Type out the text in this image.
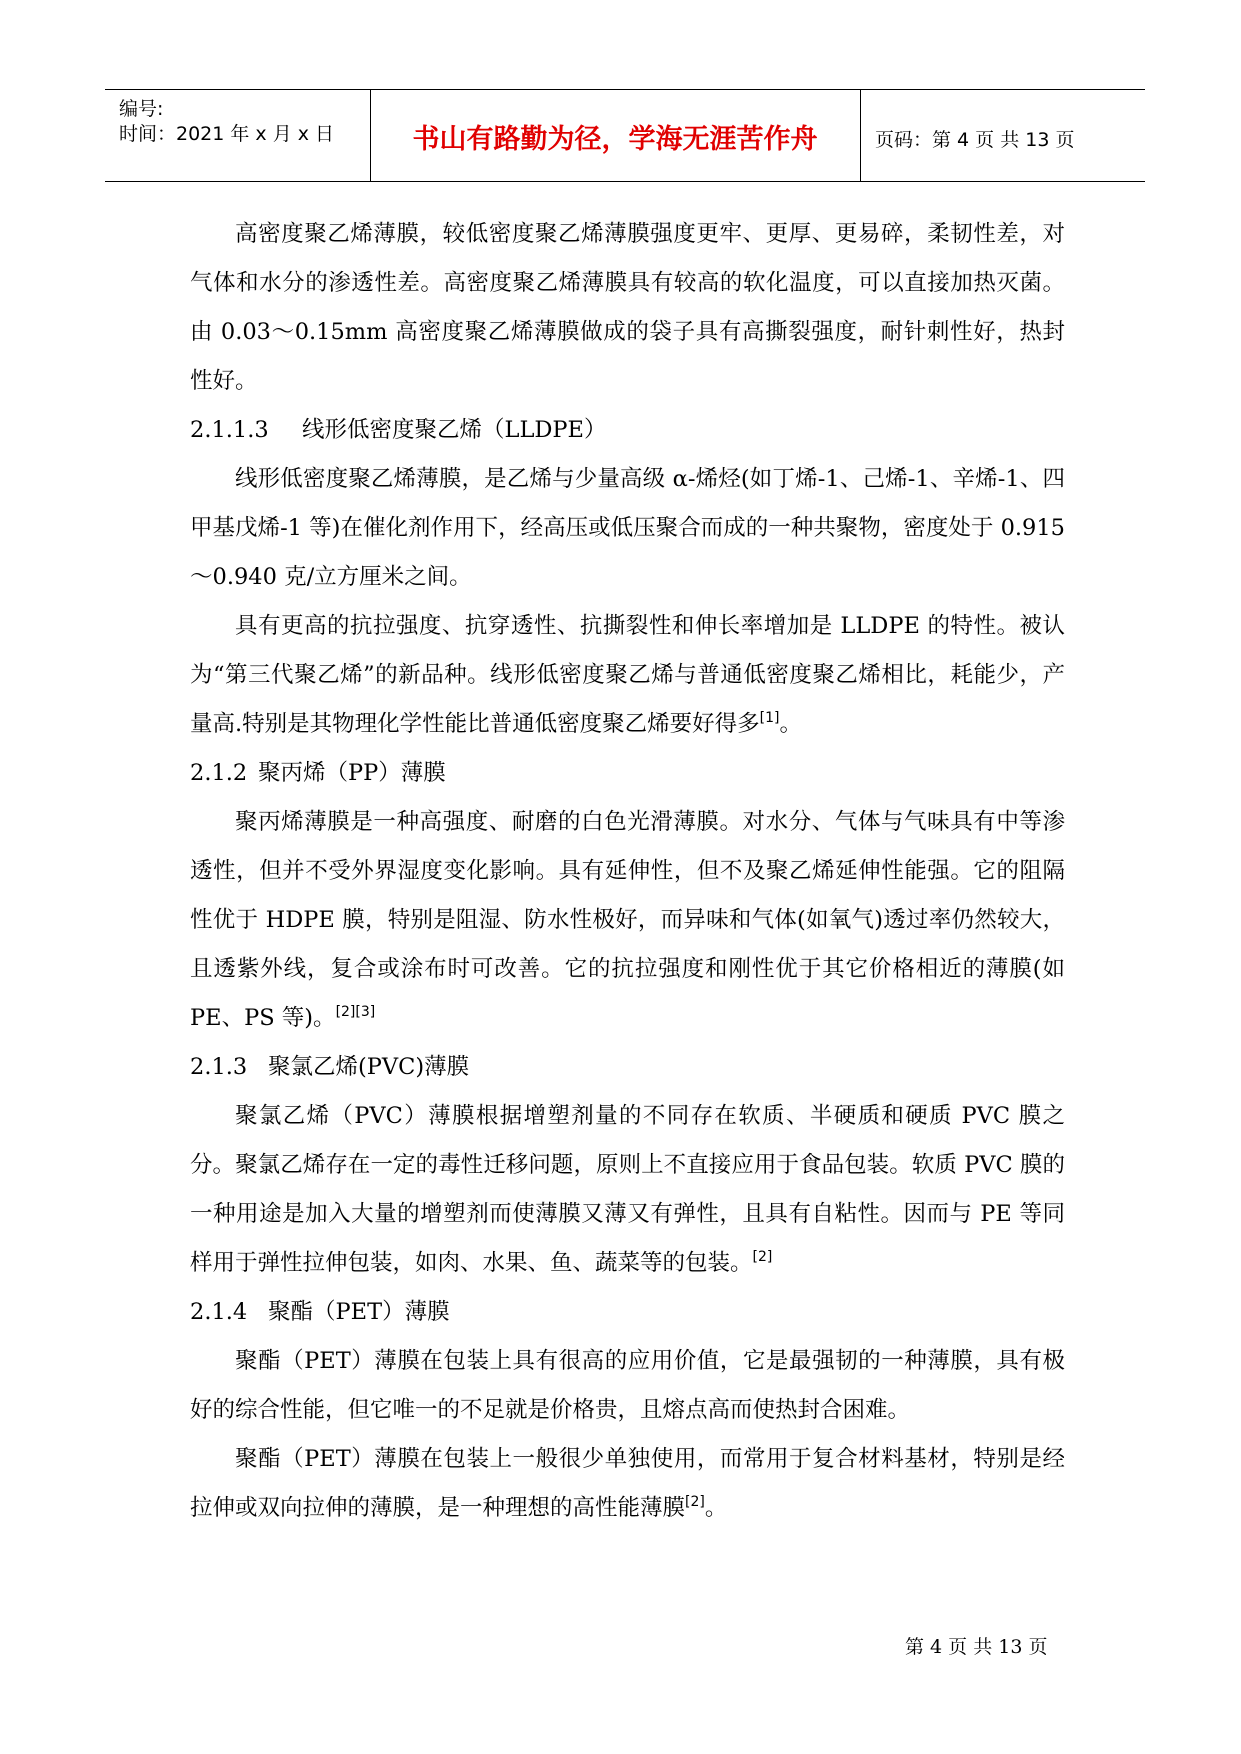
编号:
时间：2021 年 x 月 x 日	书山有路勤为径，学海无涯苦作舟	页码：第 4 页 共 13 页

高密度聚乙烯薄膜，较低密度聚乙烯薄膜强度更牢、更厚、更易碎，柔韧性差，对气体和水分的渗透性差。高密度聚乙烯薄膜具有较高的软化温度，可以直接加热灭菌。由 0.03～0.15mm 高密度聚乙烯薄膜做成的袋子具有高撕裂强度，耐针刺性好，热封性好。

2.1.1.3 线形低密度聚乙烯（LLDPE）

线形低密度聚乙烯薄膜，是乙烯与少量高级 α-烯烃(如丁烯-1、己烯-1、辛烯-1、四甲基戊烯-1 等)在催化剂作用下，经高压或低压聚合而成的一种共聚物，密度处于 0.915～0.940 克/立方厘米之间。

具有更高的抗拉强度、抗穿透性、抗撕裂性和伸长率增加是 LLDPE 的特性。被认为“第三代聚乙烯”的新品种。线形低密度聚乙烯与普通低密度聚乙烯相比，耗能少，产量高.特别是其物理化学性能比普通低密度聚乙烯要好得多[1]。

2.1.2 聚丙烯（PP）薄膜

聚丙烯薄膜是一种高强度、耐磨的白色光滑薄膜。对水分、气体与气味具有中等渗透性，但并不受外界湿度变化影响。具有延伸性，但不及聚乙烯延伸性能强。它的阻隔性优于 HDPE 膜，特别是阻湿、防水性极好，而异味和气体(如氧气)透过率仍然较大，且透紫外线，复合或涂布时可改善。它的抗拉强度和刚性优于其它价格相近的薄膜(如 PE、PS 等)。[2][3]

2.1.3 聚氯乙烯(PVC)薄膜

聚氯乙烯（PVC）薄膜根据增塑剂量的不同存在软质、半硬质和硬质 PVC 膜之分。聚氯乙烯存在一定的毒性迁移问题，原则上不直接应用于食品包装。软质 PVC 膜的一种用途是加入大量的增塑剂而使薄膜又薄又有弹性，且具有自粘性。因而与 PE 等同样用于弹性拉伸包装，如肉、水果、鱼、蔬菜等的包装。[2]

2.1.4 聚酯（PET）薄膜

聚酯（PET）薄膜在包装上具有很高的应用价值，它是最强韧的一种薄膜，具有极好的综合性能，但它唯一的不足就是价格贵，且熔点高而使热封合困难。

聚酯（PET）薄膜在包装上一般很少单独使用，而常用于复合材料基材，特别是经拉伸或双向拉伸的薄膜，是一种理想的高性能薄膜[2]。

第 4 页 共 13 页
